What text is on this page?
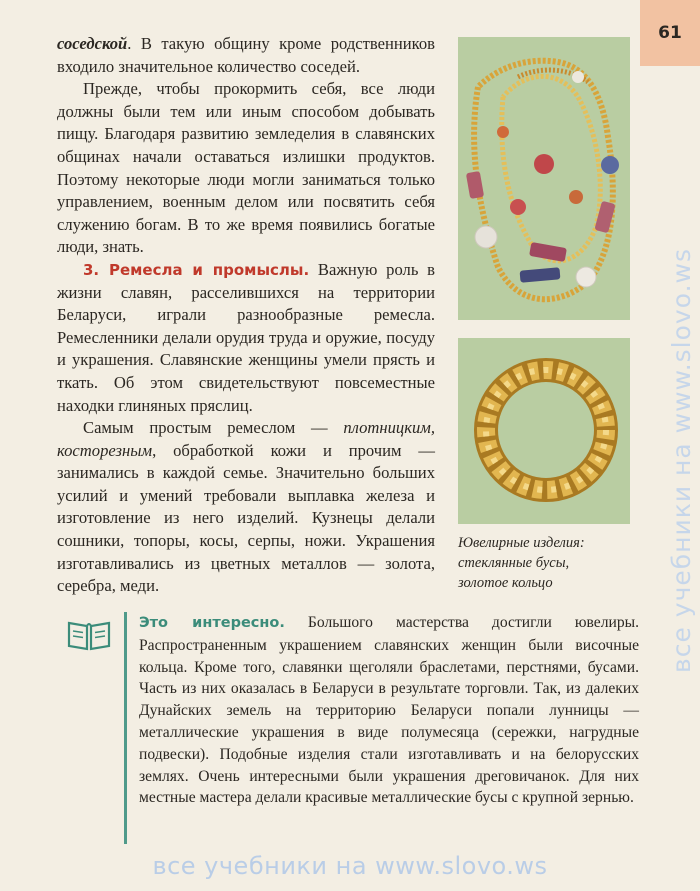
61

соседской. В такую общину кроме родственников входило значительное количество соседей.

Прежде, чтобы прокормить себя, все люди должны были тем или иным способом добывать пищу. Благодаря развитию земледелия в славянских общинах начали оставаться излишки продуктов. Поэтому некоторые люди могли заниматься только управлением, военным делом или посвятить себя служению богам. В то же время появились богатые люди, знать.

3. Ремесла и промыслы. Важную роль в жизни славян, расселившихся на территории Беларуси, играли разнообразные ремесла. Ремесленники делали орудия труда и оружие, посуду и украшения. Славянские женщины умели прясть и ткать. Об этом свидетельствуют повсеместные находки глиняных пряслиц.

Самым простым ремеслом — плотницким, косторезным, обработкой кожи и прочим — занимались в каждой семье. Значительно больших усилий и умений требовали выплавка железа и изготовление из него изделий. Кузнецы делали сошники, топоры, косы, серпы, ножи. Украшения изготавливались из цветных металлов — золота, серебра, меди.

Ювелирные изделия:
стеклянные бусы,
золотое кольцо
Это интересно. Большого мастерства достигли ювелиры. Распространенным украшением славянских женщин были височные кольца. Кроме того, славянки щеголяли браслетами, перстнями, бусами. Часть из них оказалась в Беларуси в результате торговли. Так, из далеких Дунайских земель на территорию Беларуси попали лунницы — металлические украшения в виде полумесяца (сережки, нагрудные подвески). Подобные изделия стали изготавливать и на белорусских землях. Очень интересными были украшения дреговичанок. Для них местные мастера делали красивые металлические бусы с крупной зернью.
все учебники на www.slovo.ws
все учебники на www.slovo.ws
